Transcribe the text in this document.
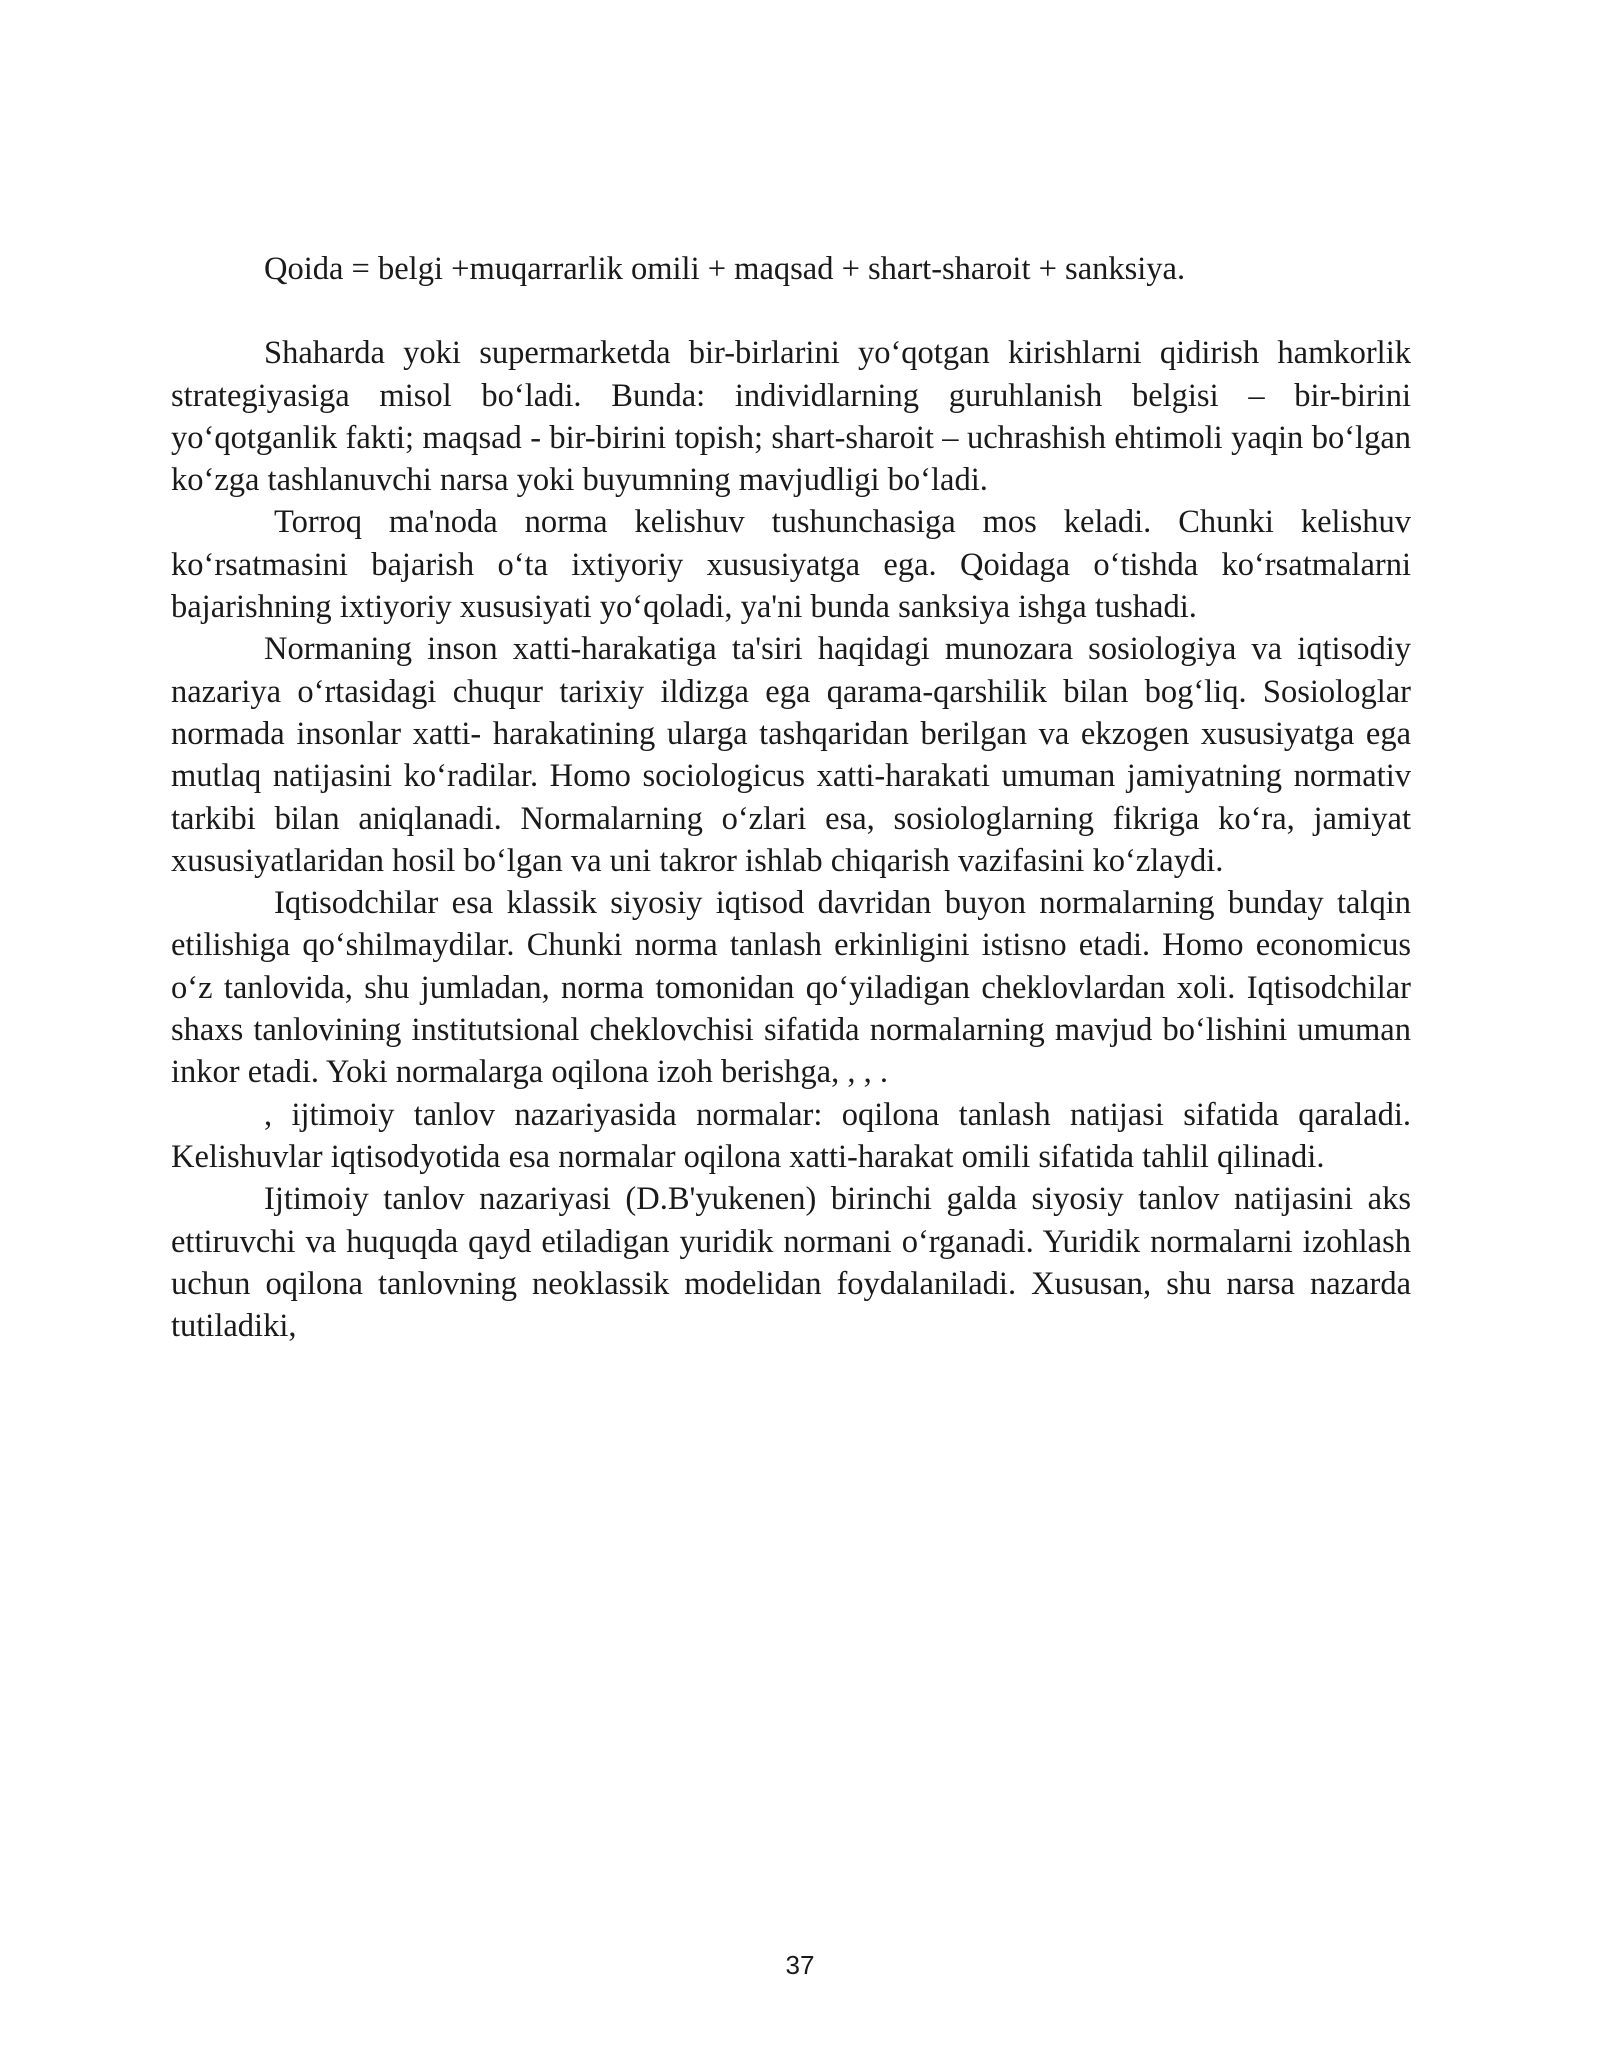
Qoida = belgi +muqarrarlik omili + maqsad + shart-sharoit + sanksiya.

Shaharda yoki supermarketda bir-birlarini yo‘qotgan kirishlarni qidirish hamkorlik strategiyasiga misol bo‘ladi. Bunda: individlarning guruhlanish belgisi – bir-birini yo‘qotganlik fakti; maqsad - bir-birini topish; shart-sharoit – uchrashish ehtimoli yaqin bo‘lgan ko‘zga tashlanuvchi narsa yoki buyumning mavjudligi bo‘ladi.

Torroq ma'noda norma kelishuv tushunchasiga mos keladi. Chunki kelishuv ko‘rsatmasini bajarish o‘ta ixtiyoriy xususiyatga ega. Qoidaga o‘tishda ko‘rsatmalarni bajarishning ixtiyoriy xususiyati yo‘qoladi, ya'ni bunda sanksiya ishga tushadi.

Normaning inson xatti-harakatiga ta'siri haqidagi munozara sosiologiya va iqtisodiy nazariya o‘rtasidagi chuqur tarixiy ildizga ega qarama-qarshilik bilan bog‘liq. Sosiologlar normada insonlar xatti- harakatining ularga tashqaridan berilgan va ekzogen xususiyatga ega mutlaq natijasini ko‘radilar. Homo sociologicus xatti-harakati umuman jamiyatning normativ tarkibi bilan aniqlanadi. Normalarning o‘zlari esa, sosiologlarning fikriga ko‘ra, jamiyat xususiyatlaridan hosil bo‘lgan va uni takror ishlab chiqarish vazifasini ko‘zlaydi.

Iqtisodchilar esa klassik siyosiy iqtisod davridan buyon normalarning bunday talqin etilishiga qo‘shilmaydilar. Chunki norma tanlash erkinligini istisno etadi. Homo economicus o‘z tanlovida, shu jumladan, norma tomonidan qo‘yiladigan cheklovlardan xoli. Iqtisodchilar shaxs tanlovining institutsional cheklovchisi sifatida normalarning mavjud bo‘lishini umuman inkor etadi. Yoki normalarga oqilona izoh berishga, , , .

, ijtimoiy tanlov nazariyasida normalar: oqilona tanlash natijasi sifatida qaraladi. Kelishuvlar iqtisodyotida esa normalar oqilona xatti-harakat omili sifatida tahlil qilinadi.

Ijtimoiy tanlov nazariyasi (D.B'yukenen) birinchi galda siyosiy tanlov natijasini aks ettiruvchi va huquqda qayd etiladigan yuridik normani o‘rganadi. Yuridik normalarni izohlash uchun oqilona tanlovning neoklassik modelidan foydalaniladi. Xususan, shu narsa nazarda tutiladiki,

37
